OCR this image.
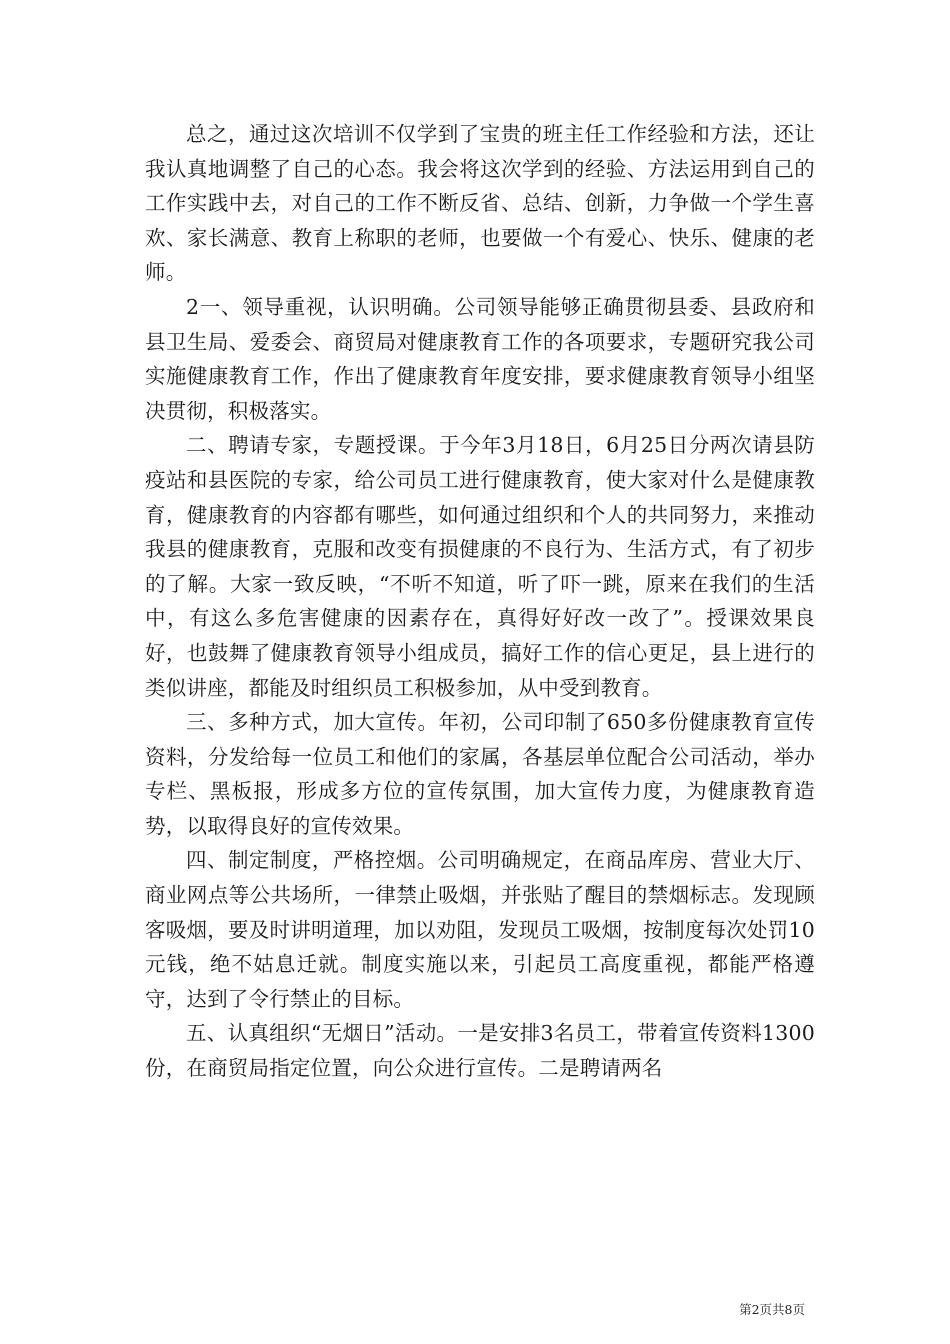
总之，通过这次培训不仅学到了宝贵的班主任工作经验和方法，还让我认真地调整了自己的心态。我会将这次学到的经验、方法运用到自己的工作实践中去，对自己的工作不断反省、总结、创新，力争做一个学生喜欢、家长满意、教育上称职的老师，也要做一个有爱心、快乐、健康的老师。

2一、领导重视，认识明确。公司领导能够正确贯彻县委、县政府和县卫生局、爱委会、商贸局对健康教育工作的各项要求，专题研究我公司实施健康教育工作，作出了健康教育年度安排，要求健康教育领导小组坚决贯彻，积极落实。

二、聘请专家，专题授课。于今年3月18日，6月25日分两次请县防疫站和县医院的专家，给公司员工进行健康教育，使大家对什么是健康教育，健康教育的内容都有哪些，如何通过组织和个人的共同努力，来推动我县的健康教育，克服和改变有损健康的不良行为、生活方式，有了初步的了解。大家一致反映，“不听不知道，听了吓一跳，原来在我们的生活中，有这么多危害健康的因素存在，真得好好改一改了”。授课效果良好，也鼓舞了健康教育领导小组成员，搞好工作的信心更足，县上进行的类似讲座，都能及时组织员工积极参加，从中受到教育。

三、多种方式，加大宣传。年初，公司印制了650多份健康教育宣传资料，分发给每一位员工和他们的家属，各基层单位配合公司活动，举办专栏、黑板报，形成多方位的宣传氛围，加大宣传力度，为健康教育造势，以取得良好的宣传效果。

四、制定制度，严格控烟。公司明确规定，在商品库房、营业大厅、商业网点等公共场所，一律禁止吸烟，并张贴了醒目的禁烟标志。发现顾客吸烟，要及时讲明道理，加以劝阻，发现员工吸烟，按制度每次处罚10元钱，绝不姑息迁就。制度实施以来，引起员工高度重视，都能严格遵守，达到了令行禁止的目标。

五、认真组织“无烟日”活动。一是安排3名员工，带着宣传资料1300份，在商贸局指定位置，向公众进行宣传。二是聘请两名

第2页共8页
